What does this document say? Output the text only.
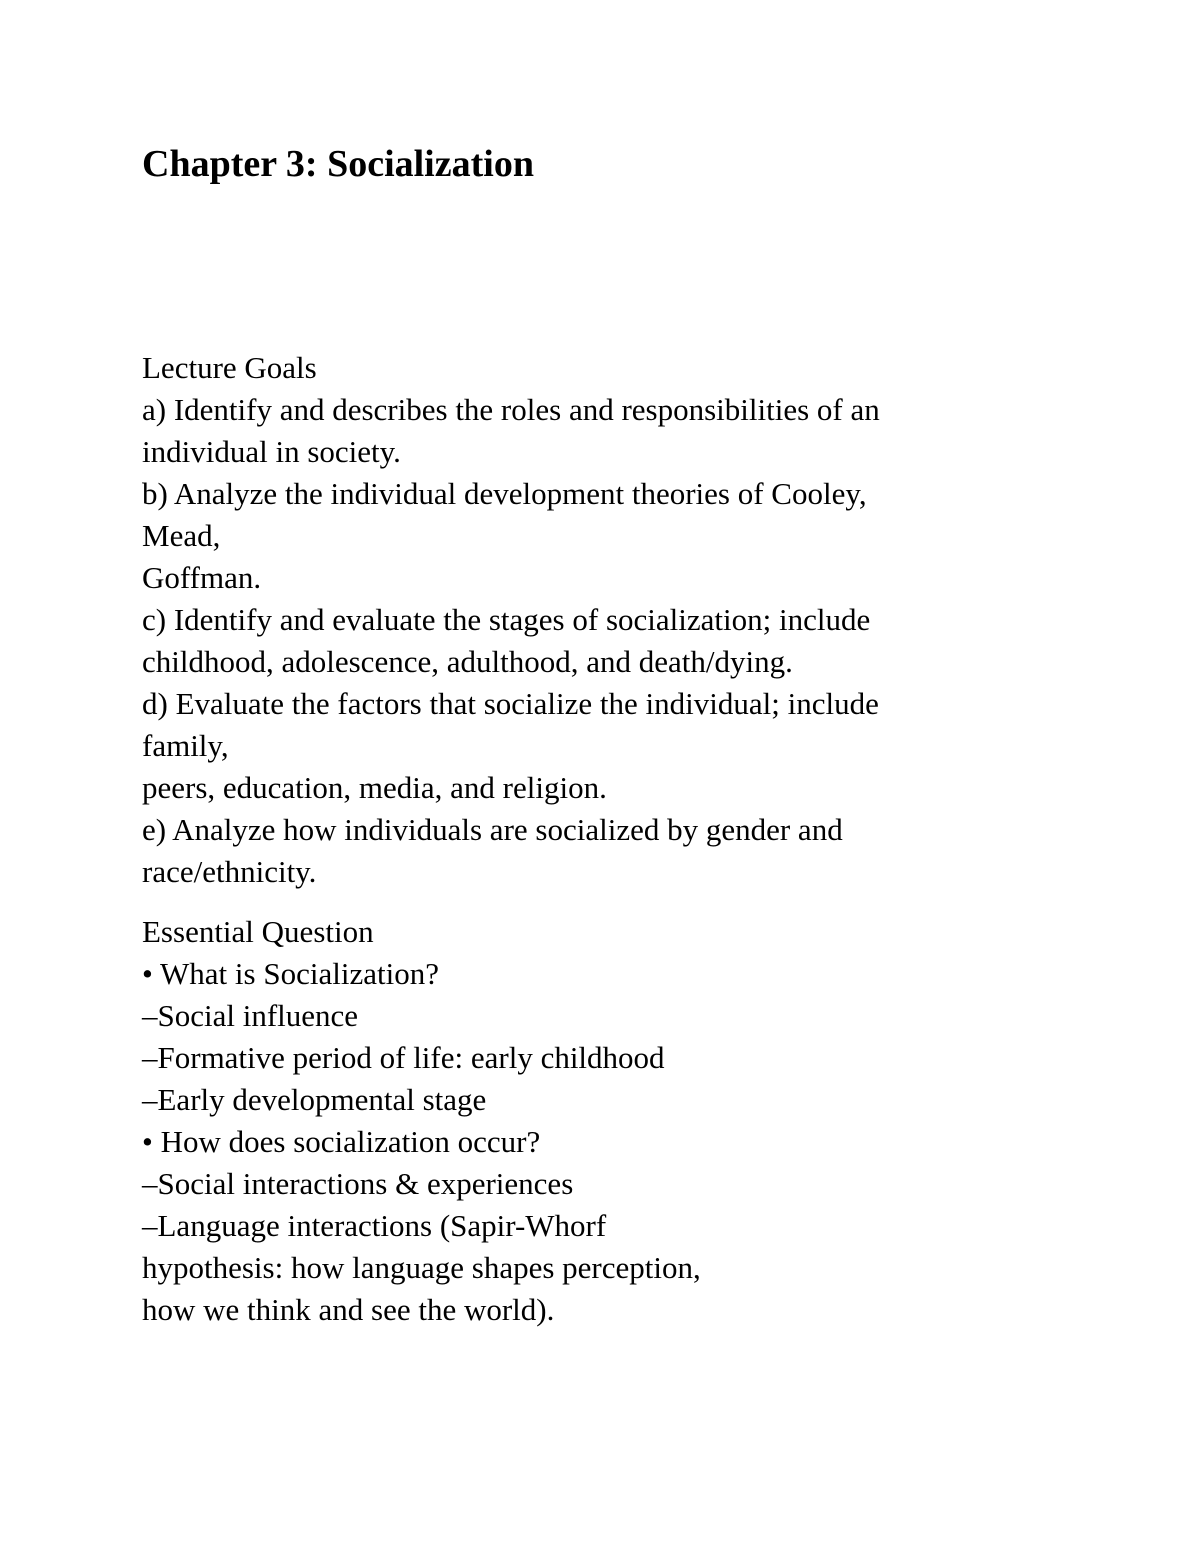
Chapter 3: Socialization
Lecture Goals
a) Identify and describes the roles and responsibilities of an
individual in society.
b) Analyze the individual development theories of Cooley,
Mead,
Goffman.
c) Identify and evaluate the stages of socialization; include
childhood, adolescence, adulthood, and death/dying.
d) Evaluate the factors that socialize the individual; include
family,
peers, education, media, and religion.
e) Analyze how individuals are socialized by gender and
race/ethnicity.
Essential Question
• What is Socialization?
–Social influence
–Formative period of life: early childhood
–Early developmental stage
• How does socialization occur?
–Social interactions & experiences
–Language interactions (Sapir-Whorf
hypothesis: how language shapes perception,
how we think and see the world).
